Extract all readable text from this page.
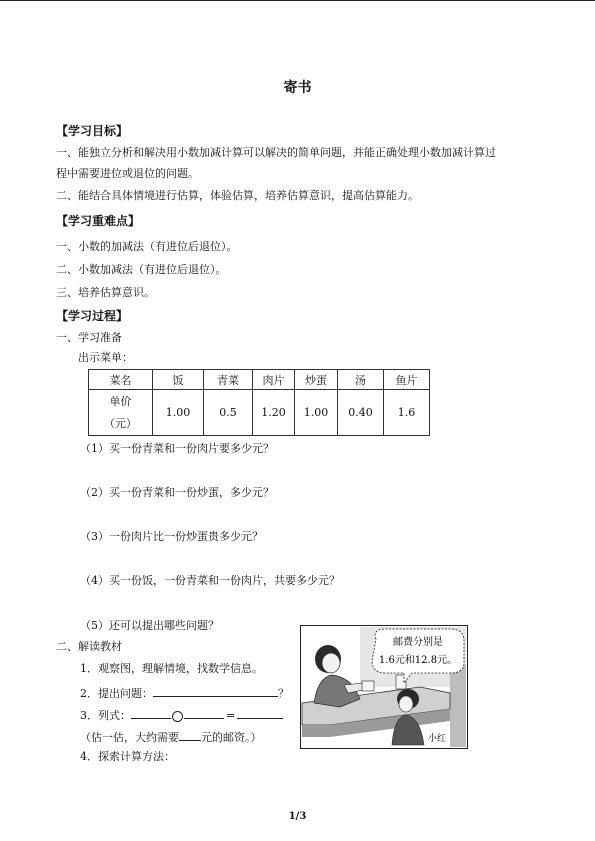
寄书
【学习目标】
一、能独立分析和解决用小数加减计算可以解决的简单问题，并能正确处理小数加减计算过
程中需要进位或退位的问题。
二、能结合具体情境进行估算，体验估算，培养估算意识，提高估算能力。
【学习重难点】
一、小数的加减法（有进位后退位）。
二、小数加减法（有进位后退位）。
三、培养估算意识。
【学习过程】
一、学习准备
出示菜单：
菜名	饭	青菜	肉片	炒蛋	汤	鱼片

单价
（元）	1.00	0.5	1.20	1.00	0.40	1.6
（1）买一份青菜和一份肉片要多少元？
（2）买一份青菜和一份炒蛋，多少元？
（3）一份肉片比一份炒蛋贵多少元？
（4）买一份饭，一份青菜和一份肉片，共要多少元？
（5）还可以提出哪些问题？
二、解读教材
1．观察图，理解情境，找数学信息。
2．提出问题：	？
3．列式：	=
（估一估，大约需要 元的邮资。）
4．探索计算方法：
邮费分别是
1.6元和12.8元。
小红
1/3
